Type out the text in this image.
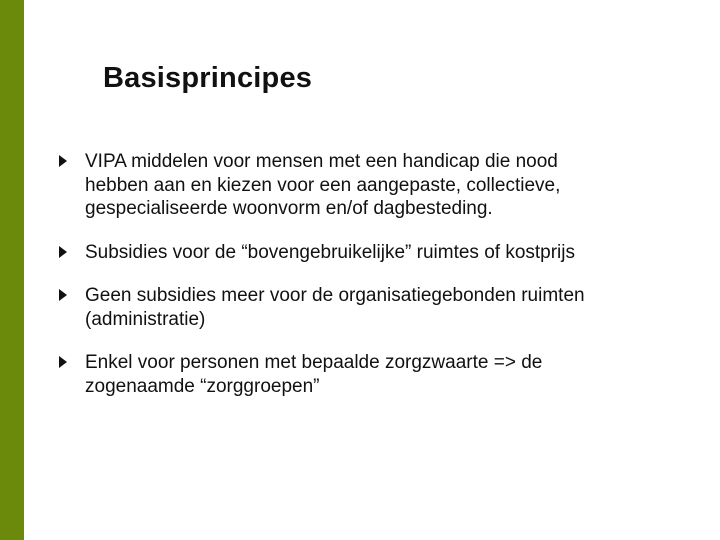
Basisprincipes
VIPA middelen voor mensen met een handicap die nood
hebben aan en kiezen voor een aangepaste, collectieve,
gespecialiseerde woonvorm en/of dagbesteding.
Subsidies voor de “bovengebruikelijke” ruimtes of kostprijs
Geen subsidies meer voor de organisatiegebonden ruimten
(administratie)
Enkel voor personen met bepaalde zorgzwaarte => de
zogenaamde “zorggroepen”
